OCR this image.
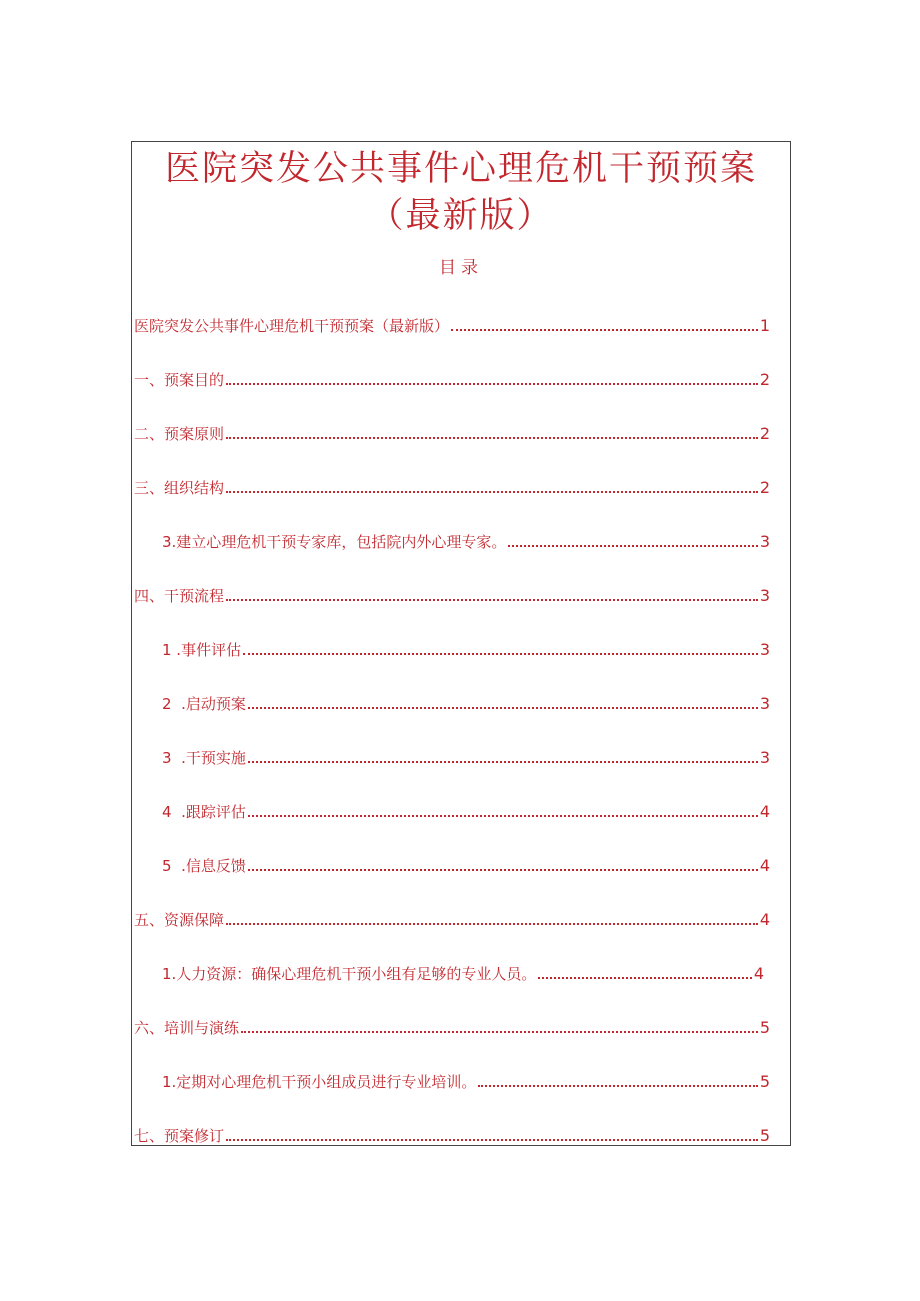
医院突发公共事件心理危机干预预案
（最新版）
目录
医院突发公共事件心理危机干预预案（最新版）	1
一、预案目的	2
二、预案原则	2
三、组织结构	2
3.建立心理危机干预专家库，包括院内外心理专家。	3
四、干预流程	3
1 .事件评估	3
2  .启动预案	3
3  .干预实施	3
4  .跟踪评估	4
5  .信息反馈	4
五、资源保障	4
1.人力资源：确保心理危机干预小组有足够的专业人员。	4
六、培训与演练	5
1.定期对心理危机干预小组成员进行专业培训。	5
七、预案修订	5
